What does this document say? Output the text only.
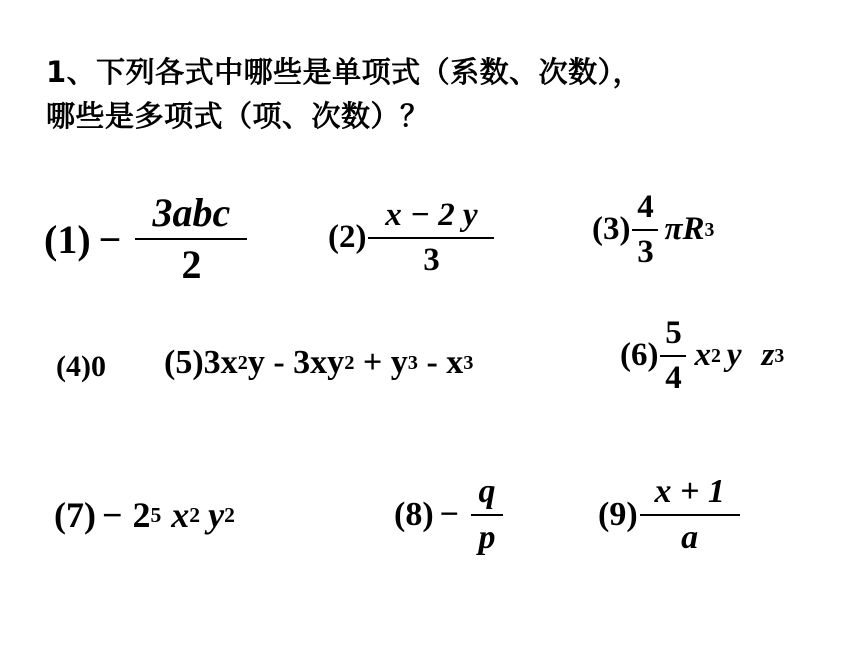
1、下列各式中哪些是单项式（系数、次数），
哪些是多项式（项、次数）？
$(1) - \frac{\text{3abc}}{2} (2) \frac{x - 2 y}{3}$	$(3) \frac{4}{3}$ π R 3
(4) 0 (5) 3x 2 y - 3xy 2 + y 3 - x 3	$(6) \frac{5}{4}$ x 2 y z 3
(7) − 2 5 x 2 y 2	$(8) - \frac{q}{p}$	$(9) \frac{x + 1}{a}$
